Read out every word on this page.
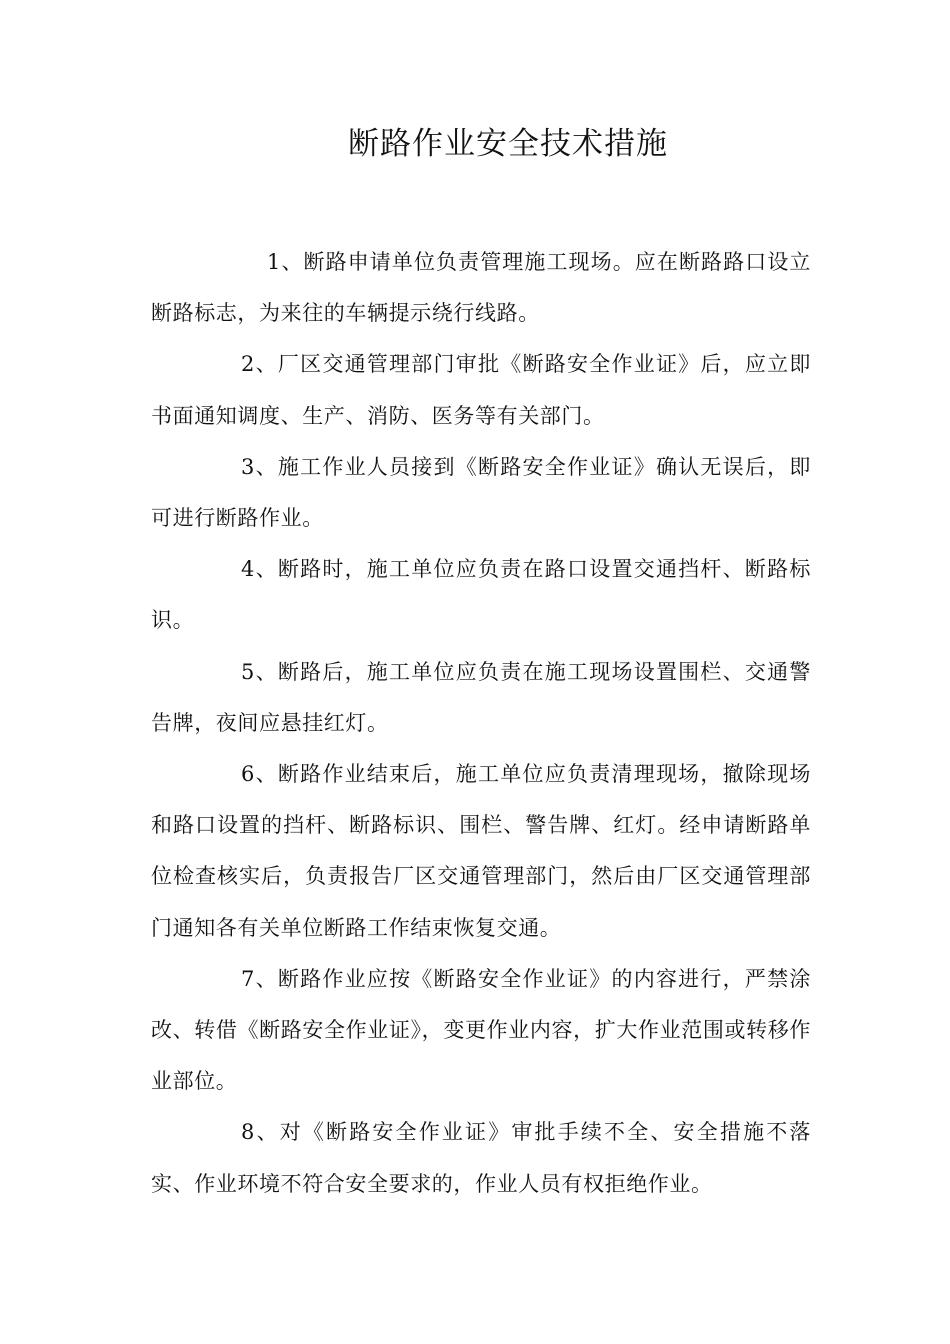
断路作业安全技术措施

1、断路申请单位负责管理施工现场。应在断路路口设立断路标志，为来往的车辆提示绕行线路。

2、厂区交通管理部门审批《断路安全作业证》后，应立即书面通知调度、生产、消防、医务等有关部门。

3、施工作业人员接到《断路安全作业证》确认无误后，即可进行断路作业。

4、断路时，施工单位应负责在路口设置交通挡杆、断路标识。

5、断路后，施工单位应负责在施工现场设置围栏、交通警告牌，夜间应悬挂红灯。

6、断路作业结束后，施工单位应负责清理现场，撤除现场和路口设置的挡杆、断路标识、围栏、警告牌、红灯。经申请断路单位检查核实后，负责报告厂区交通管理部门，然后由厂区交通管理部门通知各有关单位断路工作结束恢复交通。

7、断路作业应按《断路安全作业证》的内容进行，严禁涂改、转借《断路安全作业证》，变更作业内容，扩大作业范围或转移作业部位。

8、对《断路安全作业证》审批手续不全、安全措施不落实、作业环境不符合安全要求的，作业人员有权拒绝作业。
